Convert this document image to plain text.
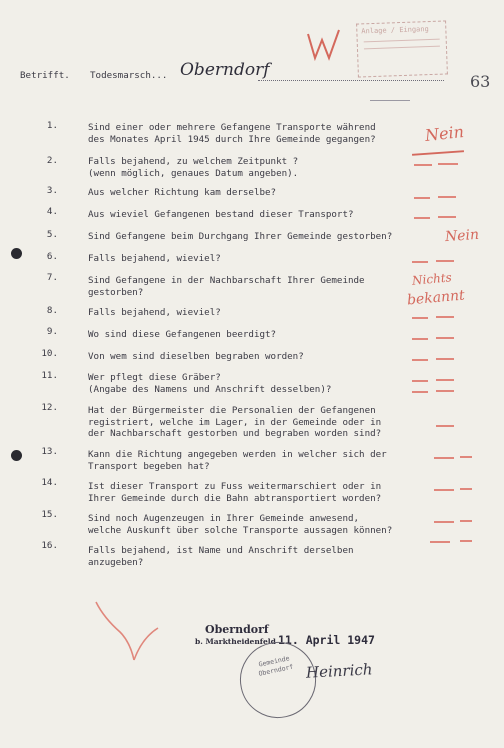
Anlage / Eingang
Betrifft. Todesmarsch... Oberndorf
63
1.	Sind einer oder mehrere Gefangene Transporte während
des Monates April 1945 durch Ihre Gemeinde gegangen?
2.	Falls bejahend, zu welchem Zeitpunkt ?
(wenn möglich, genaues Datum angeben).
3.	Aus welcher Richtung kam derselbe?
4.	Aus wieviel Gefangenen bestand dieser Transport?
5.	Sind Gefangene beim Durchgang Ihrer Gemeinde gestorben?
6.	Falls bejahend, wieviel?
7.	Sind Gefangene in der Nachbarschaft Ihrer Gemeinde
gestorben?
8.	Falls bejahend, wieviel?
9.	Wo sind diese Gefangenen beerdigt?
10.	Von wem sind dieselben begraben worden?
11.	Wer pflegt diese Gräber?
(Angabe des Namens und Anschrift desselben)?
12.	Hat der Bürgermeister die Personalien der Gefangenen
registriert, welche im Lager, in der Gemeinde oder in
der Nachbarschaft gestorben und begraben worden sind?
13.	Kann die Richtung angegeben werden in welcher sich der
Transport begeben hat?
14.	Ist dieser Transport zu Fuss weitermarschiert oder in
Ihrer Gemeinde durch die Bahn abtransportiert worden?
15.	Sind noch Augenzeugen in Ihrer Gemeinde anwesend,
welche Auskunft über solche Transporte aussagen können?
16.	Falls bejahend, ist Name und Anschrift derselben
anzugeben?
Nein
Nein
Nichts
bekannt
Oberndorf
b. Marktheidenfeld 11. April 1947
Gemeinde Oberndorf Heinrich
